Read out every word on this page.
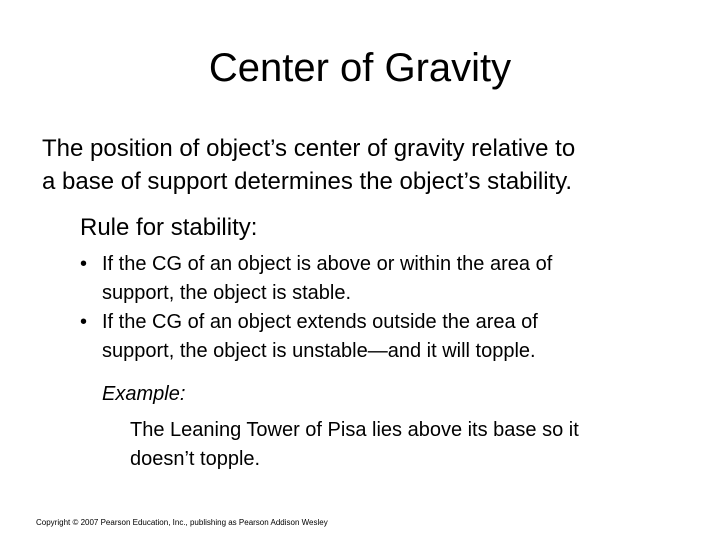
Center of Gravity
The position of object’s center of gravity relative to
a base of support determines the object’s stability.
Rule for stability:
• If the CG of an object is above or within the area of
support, the object is stable.
• If the CG of an object extends outside the area of
support, the object is unstable—and it will topple.
Example:
The Leaning Tower of Pisa lies above its base so it
doesn’t topple.
Copyright © 2007 Pearson Education, Inc., publishing as Pearson Addison Wesley
